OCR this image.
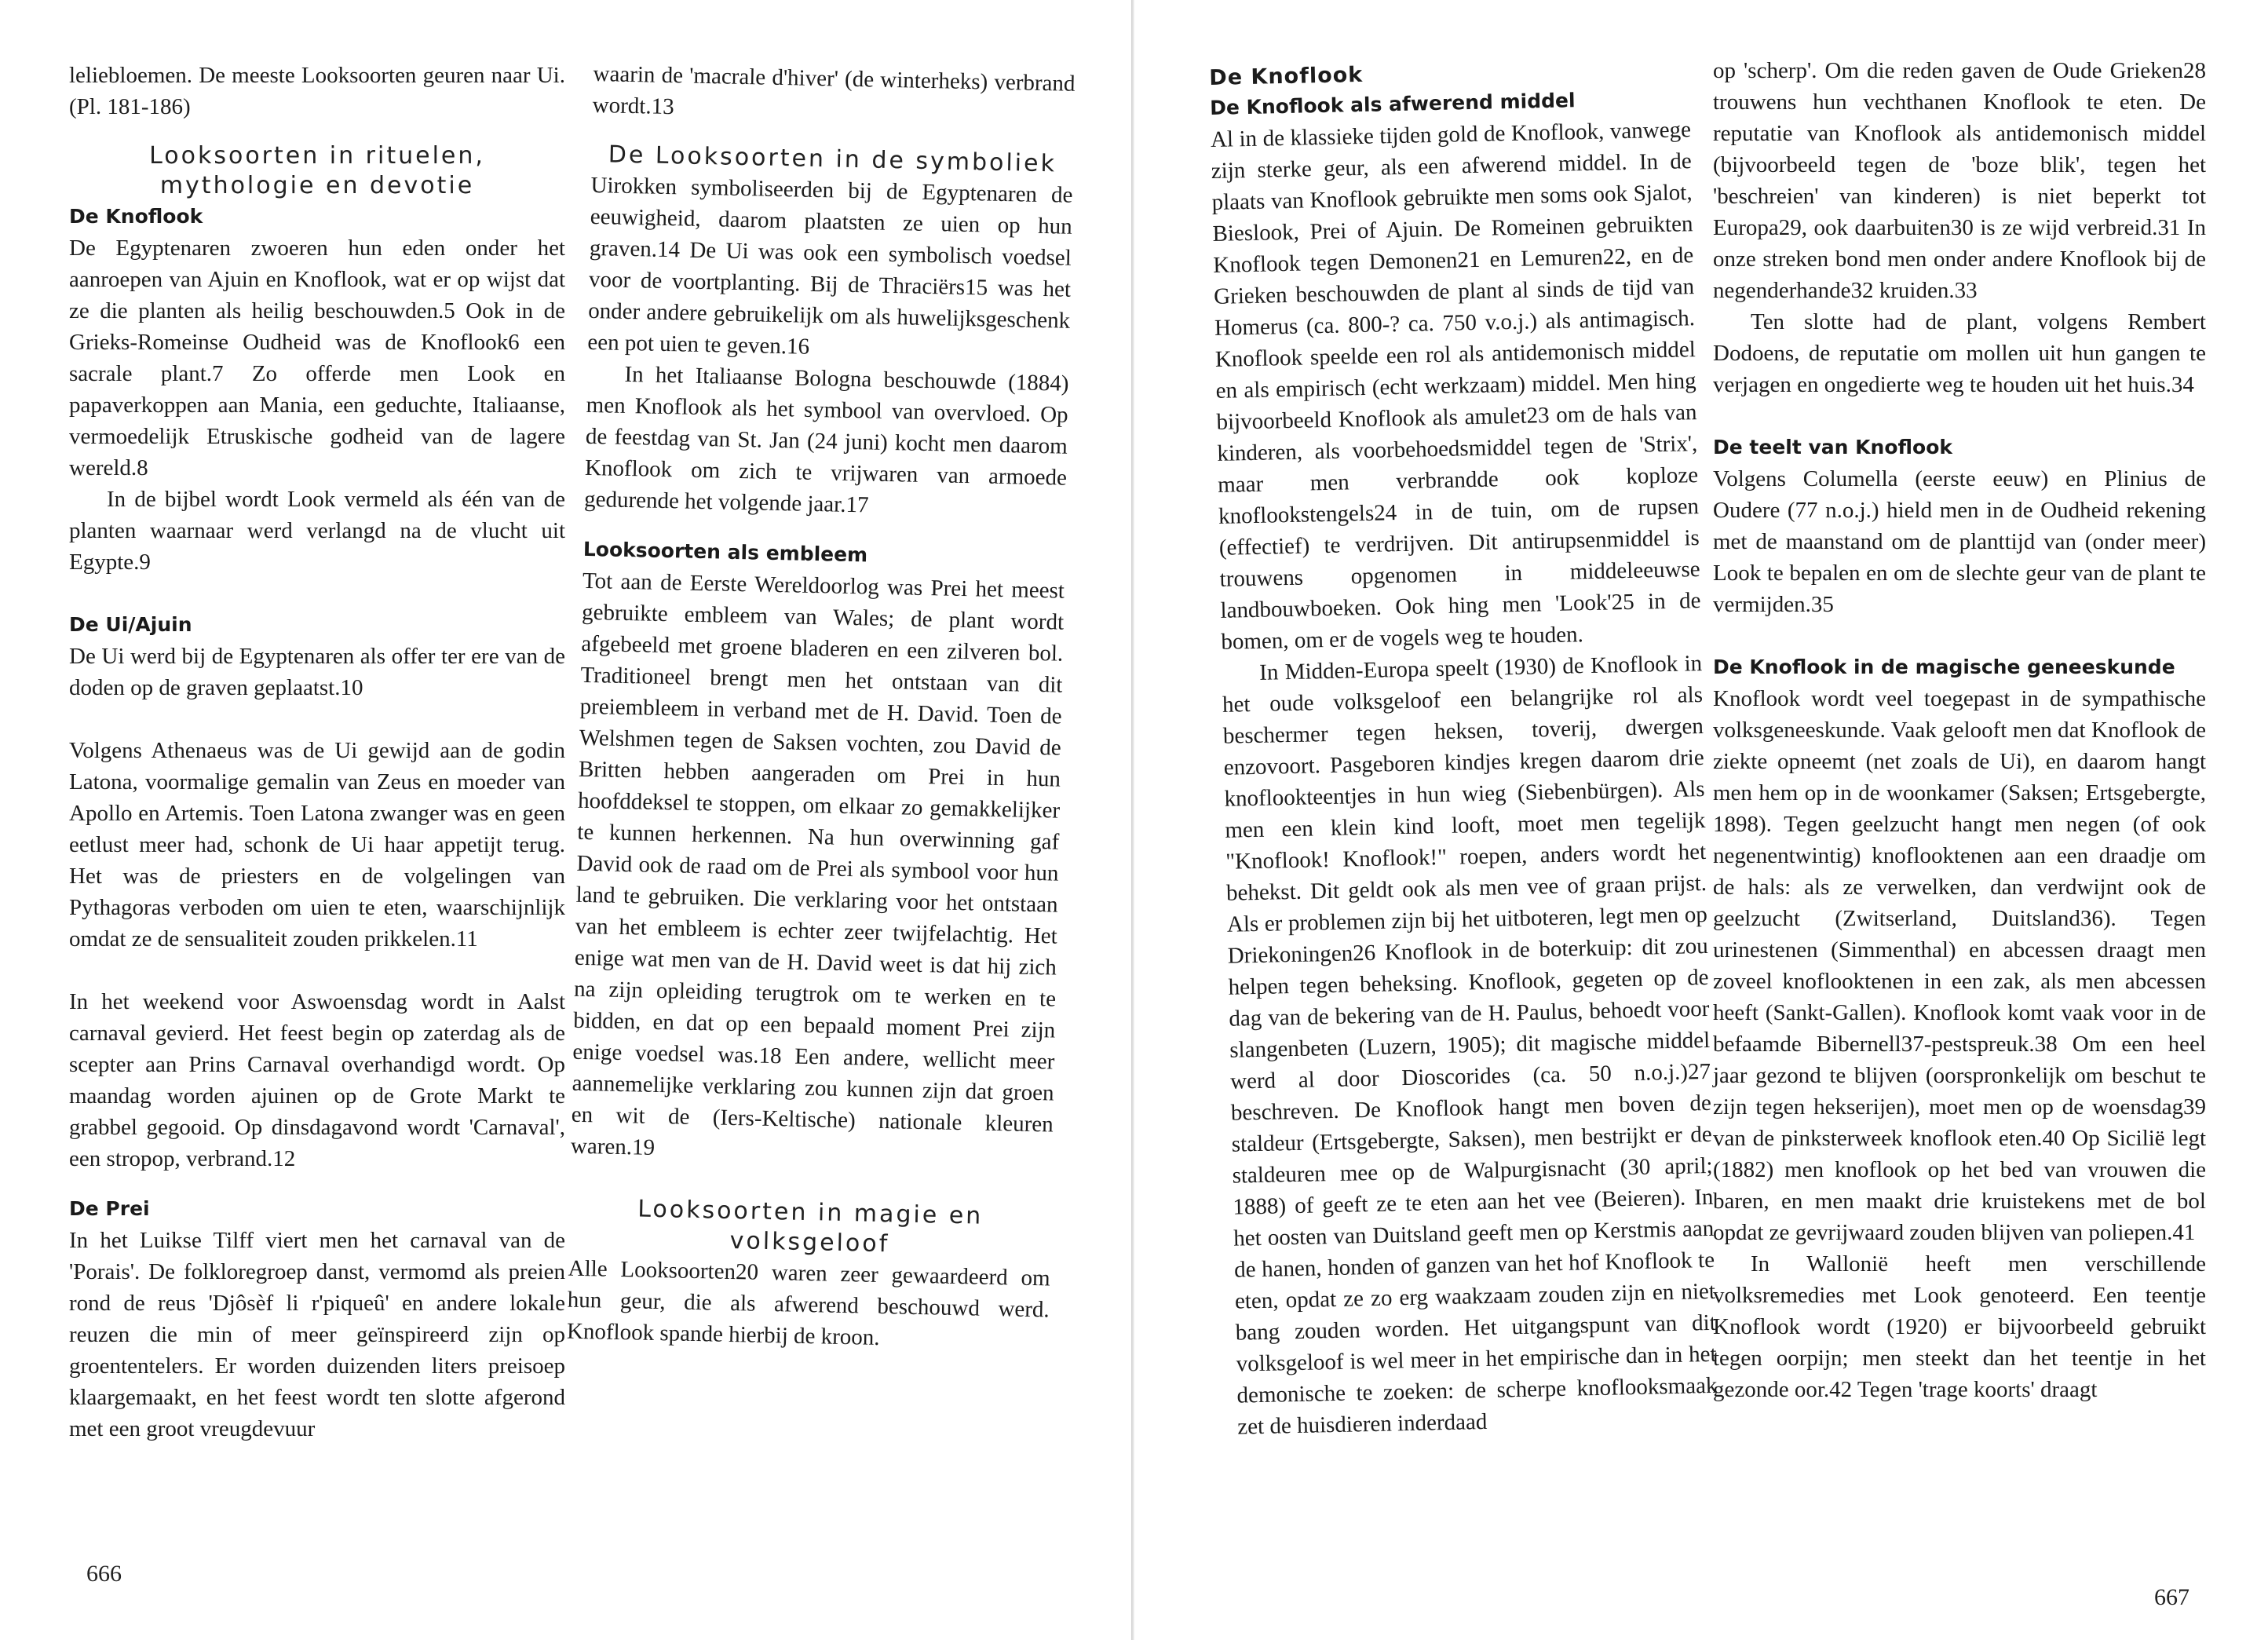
leliebloemen. De meeste Looksoorten geuren naar Ui. (Pl. 181-186)

Looksoorten in rituelen, mythologie en devotie
De Knoflook

De Egyptenaren zwoeren hun eden onder het aanroepen van Ajuin en Knoflook, wat er op wijst dat ze die planten als heilig beschouwden.5 Ook in de Grieks-Romeinse Oudheid was de Knoflook6 een sacrale plant.7 Zo offerde men Look en papaverkoppen aan Mania, een geduchte, Italiaanse, vermoedelijk Etruskische godheid van de lagere wereld.8

In de bijbel wordt Look vermeld als één van de planten waarnaar werd verlangd na de vlucht uit Egypte.9

De Ui/Ajuin

De Ui werd bij de Egyptenaren als offer ter ere van de doden op de graven geplaatst.10

Volgens Athenaeus was de Ui gewijd aan de godin Latona, voormalige gemalin van Zeus en moeder van Apollo en Artemis. Toen Latona zwanger was en geen eetlust meer had, schonk de Ui haar appetijt terug. Het was de priesters en de volgelingen van Pythagoras verboden om uien te eten, waarschijnlijk omdat ze de sensualiteit zouden prikkelen.11

In het weekend voor Aswoensdag wordt in Aalst carnaval gevierd. Het feest begin op zaterdag als de scepter aan Prins Carnaval overhandigd wordt. Op maandag worden ajuinen op de Grote Markt te grabbel gegooid. Op dinsdagavond wordt 'Carnaval', een stropop, verbrand.12

De Prei

In het Luikse Tilff viert men het carnaval van de 'Porais'. De folkloregroep danst, vermomd als preien rond de reus 'Djôsèf li r'piqueû' en andere lokale reuzen die min of meer geïnspireerd zijn op groententelers. Er worden duizenden liters preisoep klaargemaakt, en het feest wordt ten slotte afgerond met een groot vreugdevuur

waarin de 'macrale d'hiver' (de winterheks) verbrand wordt.13

De Looksoorten in de symboliek

Uirokken symboliseerden bij de Egyptenaren de eeuwigheid, daarom plaatsten ze uien op hun graven.14 De Ui was ook een symbolisch voedsel voor de voortplanting. Bij de Thraciërs15 was het onder andere gebruikelijk om als huwelijksgeschenk een pot uien te geven.16

In het Italiaanse Bologna beschouwde (1884) men Knoflook als het symbool van overvloed. Op de feestdag van St. Jan (24 juni) kocht men daarom Knoflook om zich te vrijwaren van armoede gedurende het volgende jaar.17

Looksoorten als embleem

Tot aan de Eerste Wereldoorlog was Prei het meest gebruikte embleem van Wales; de plant wordt afgebeeld met groene bladeren en een zilveren bol. Traditioneel brengt men het ontstaan van dit preiembleem in verband met de H. David. Toen de Welshmen tegen de Saksen vochten, zou David de Britten hebben aangeraden om Prei in hun hoofddeksel te stoppen, om elkaar zo gemakkelijker te kunnen herkennen. Na hun overwinning gaf David ook de raad om de Prei als symbool voor hun land te gebruiken. Die verklaring voor het ontstaan van het embleem is echter zeer twijfelachtig. Het enige wat men van de H. David weet is dat hij zich na zijn opleiding terugtrok om te werken en te bidden, en dat op een bepaald moment Prei zijn enige voedsel was.18 Een andere, wellicht meer aannemelijke verklaring zou kunnen zijn dat groen en wit de (Iers-Keltische) nationale kleuren waren.19

Looksoorten in magie en volksgeloof

Alle Looksoorten20 waren zeer gewaardeerd om hun geur, die als afwerend beschouwd werd. Knoflook spande hierbij de kroon.

666
De Knoflook
De Knoflook als afwerend middel

Al in de klassieke tijden gold de Knoflook, vanwege zijn sterke geur, als een afwerend middel. In de plaats van Knoflook gebruikte men soms ook Sjalot, Bieslook, Prei of Ajuin. De Romeinen gebruikten Knoflook tegen Demonen21 en Lemuren22, en de Grieken beschouwden de plant al sinds de tijd van Homerus (ca. 800-? ca. 750 v.o.j.) als antimagisch. Knoflook speelde een rol als antidemonisch middel en als empirisch (echt werkzaam) middel. Men hing bijvoorbeeld Knoflook als amulet23 om de hals van kinderen, als voorbehoedsmiddel tegen de 'Strix', maar men verbrandde ook koploze knoflookstengels24 in de tuin, om de rupsen (effectief) te verdrijven. Dit antirupsenmiddel is trouwens opgenomen in middeleeuwse landbouwboeken. Ook hing men 'Look'25 in de bomen, om er de vogels weg te houden.

In Midden-Europa speelt (1930) de Knoflook in het oude volksgeloof een belangrijke rol als beschermer tegen heksen, toverij, dwergen enzovoort. Pasgeboren kindjes kregen daarom drie knoflookteentjes in hun wieg (Siebenbürgen). Als men een klein kind looft, moet men tegelijk "Knoflook! Knoflook!" roepen, anders wordt het behekst. Dit geldt ook als men vee of graan prijst. Als er problemen zijn bij het uitboteren, legt men op Driekoningen26 Knoflook in de boterkuip: dit zou helpen tegen beheksing. Knoflook, gegeten op de dag van de bekering van de H. Paulus, behoedt voor slangenbeten (Luzern, 1905); dit magische middel werd al door Dioscorides (ca. 50 n.o.j.)27 beschreven. De Knoflook hangt men boven de staldeur (Ertsgebergte, Saksen), men bestrijkt er de staldeuren mee op de Walpurgisnacht (30 april; 1888) of geeft ze te eten aan het vee (Beieren). In het oosten van Duitsland geeft men op Kerstmis aan de hanen, honden of ganzen van het hof Knoflook te eten, opdat ze zo erg waakzaam zouden zijn en niet bang zouden worden. Het uitgangspunt van dit volksgeloof is wel meer in het empirische dan in het demonische te zoeken: de scherpe knoflooksmaak zet de huisdieren inderdaad

op 'scherp'. Om die reden gaven de Oude Grieken28 trouwens hun vechthanen Knoflook te eten. De reputatie van Knoflook als antidemonisch middel (bijvoorbeeld tegen de 'boze blik', tegen het 'beschreien' van kinderen) is niet beperkt tot Europa29, ook daarbuiten30 is ze wijd verbreid.31 In onze streken bond men onder andere Knoflook bij de negenderhande32 kruiden.33

Ten slotte had de plant, volgens Rembert Dodoens, de reputatie om mollen uit hun gangen te verjagen en ongedierte weg te houden uit het huis.34

De teelt van Knoflook

Volgens Columella (eerste eeuw) en Plinius de Oudere (77 n.o.j.) hield men in de Oudheid rekening met de maanstand om de planttijd van (onder meer) Look te bepalen en om de slechte geur van de plant te vermijden.35

De Knoflook in de magische geneeskunde

Knoflook wordt veel toegepast in de sympathische volksgeneeskunde. Vaak gelooft men dat Knoflook de ziekte opneemt (net zoals de Ui), en daarom hangt men hem op in de woonkamer (Saksen; Ertsgebergte, 1898). Tegen geelzucht hangt men negen (of ook negenentwintig) knoflooktenen aan een draadje om de hals: als ze verwelken, dan verdwijnt ook de geelzucht (Zwitserland, Duitsland36). Tegen urinestenen (Simmenthal) en abcessen draagt men zoveel knoflooktenen in een zak, als men abcessen heeft (Sankt-Gallen). Knoflook komt vaak voor in de befaamde Bibernell37-pestspreuk.38 Om een heel jaar gezond te blijven (oorspronkelijk om beschut te zijn tegen hekserijen), moet men op de woensdag39 van de pinksterweek knoflook eten.40 Op Sicilië legt (1882) men knoflook op het bed van vrouwen die baren, en men maakt drie kruistekens met de bol opdat ze gevrijwaard zouden blijven van poliepen.41

In Wallonië heeft men verschillende volksremedies met Look genoteerd. Een teentje Knoflook wordt (1920) er bijvoorbeeld gebruikt tegen oorpijn; men steekt dan het teentje in het gezonde oor.42 Tegen 'trage koorts' draagt

667
